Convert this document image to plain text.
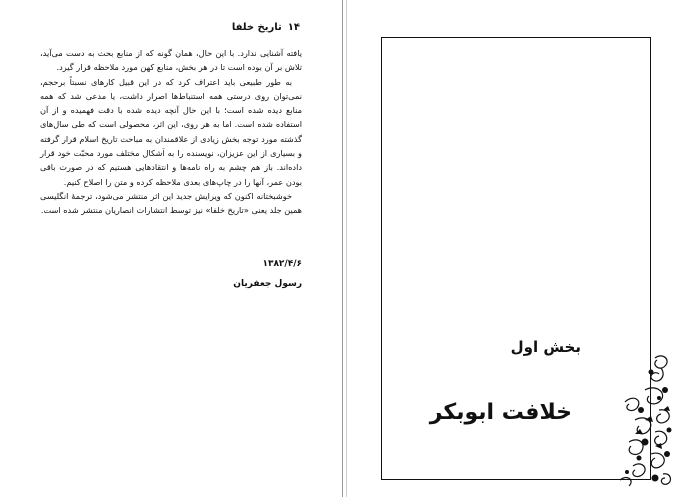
۱۴
تاریخ خلفا

یافته آشنایی ندارد. با این حال، همان گونه که از منابع بحث به دست می‌آید، تلاش بر آن بوده است تا در هر بخش، منابع کهن مورد ملاحظه قرار گیرد.

به طور طبیعی باید اعتراف کرد که در این قبیل کارهای نسبتاً برحجم، نمی‌توان روی درستی همه استنباط‌ها اصرار داشت، یا مدعی شد که همه منابع دیده شده است؛ با این حال آنچه دیده شده با دقت فهمیده و از آن استفاده شده است. اما به هر روی، این اثر، محصولی است که طی سال‌های گذشته مورد توجه بخش زیادی از علاقمندان به مباحث تاریخ اسلام قرار گرفته و بسیاری از این عزیزان، نویسنده را به اَشکال مختلف مورد محبّت خود قرار داده‌اند. باز هم چشم به راه نامه‌ها و انتقادهایی هستیم که در صورت باقی بودن عمر، آنها را در چاپ‌های بعدی ملاحظه کرده و متن را اصلاح کنیم.

خوشبختانه اکنون که ویرایش جدید این اثر منتشر می‌شود، ترجمهٔ انگلیسی همین جلد یعنی «تاریخ خلفا» نیز توسط انتشارات انصاریان منتشر شده است.

۱۳۸۲/۴/۶
رسول جعفریان
بخش اول
خلافت ابوبکر
